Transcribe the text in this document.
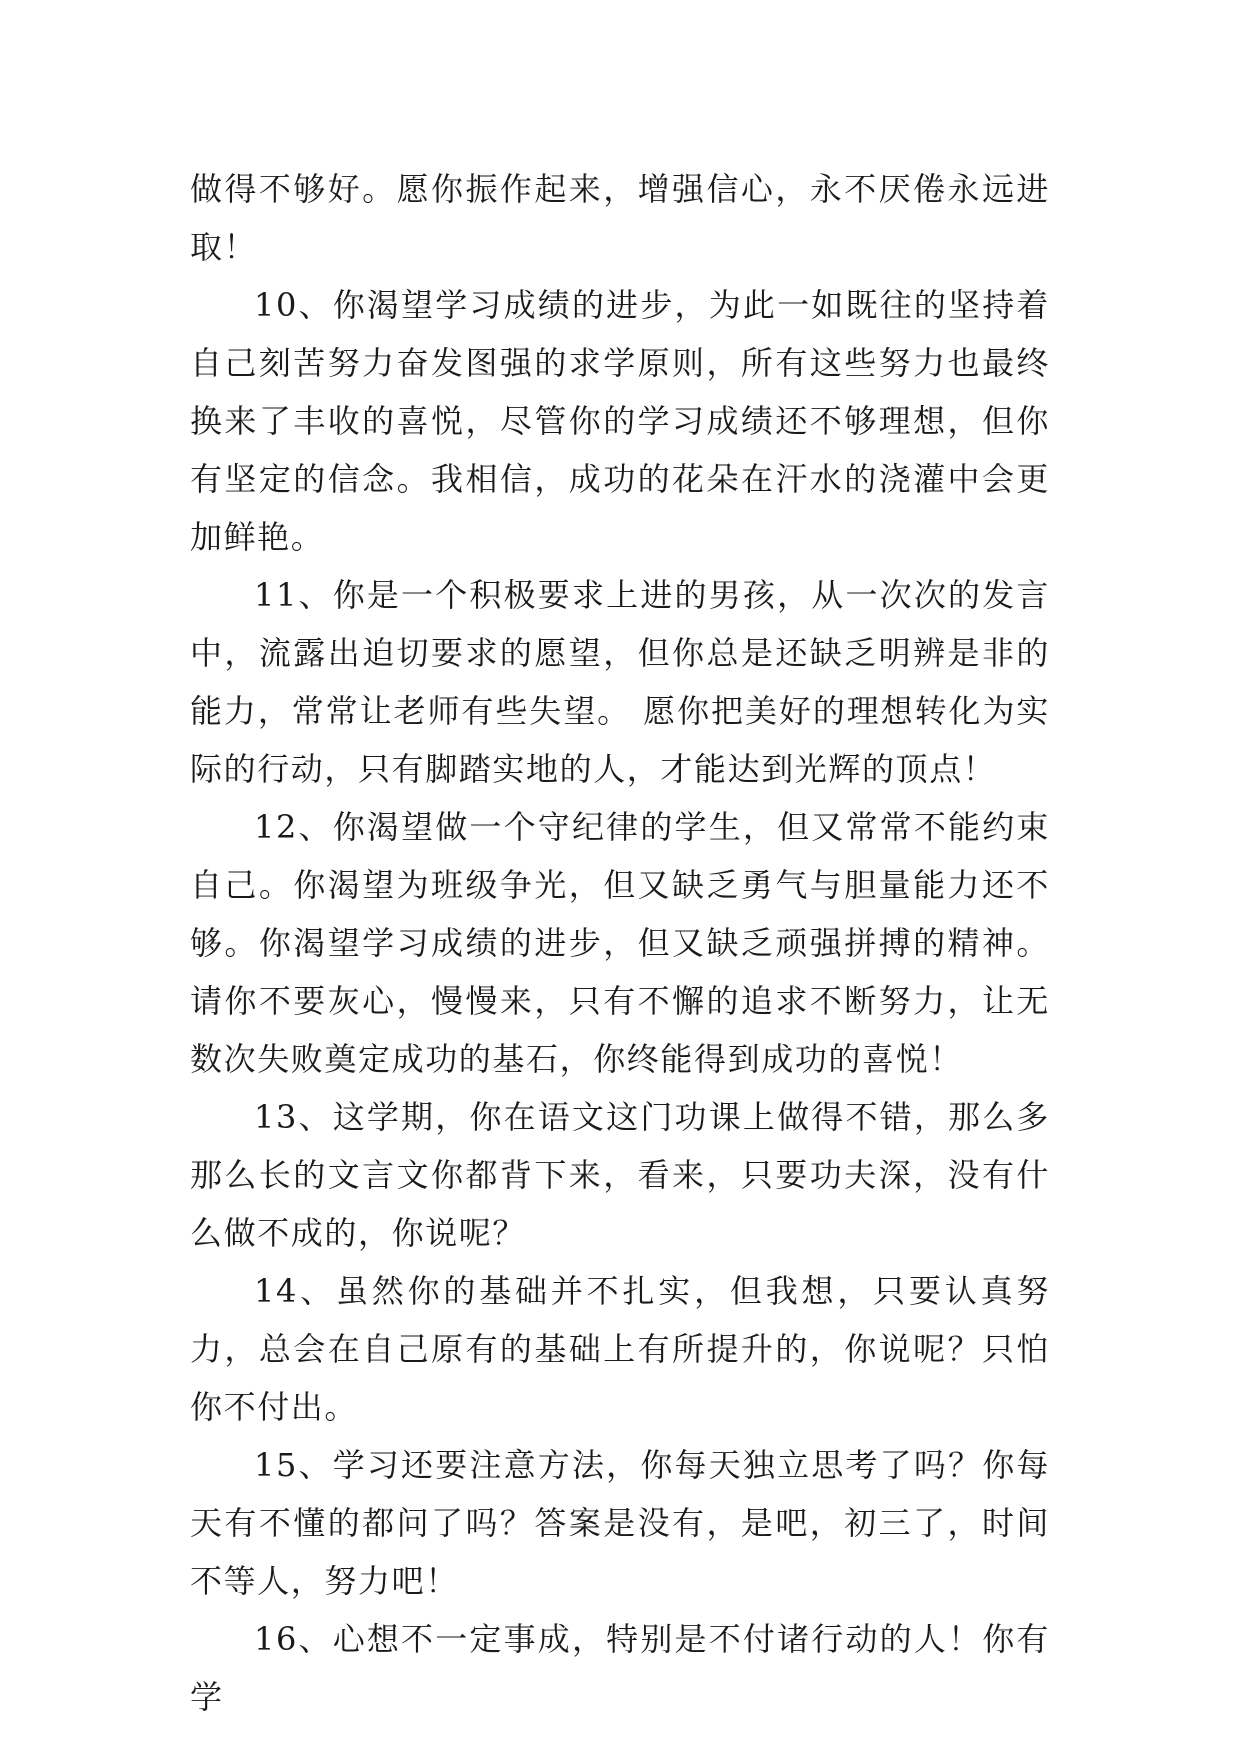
做得不够好。愿你振作起来，增强信心，永不厌倦永远进取！

10、你渴望学习成绩的进步，为此一如既往的坚持着自己刻苦努力奋发图强的求学原则，所有这些努力也最终换来了丰收的喜悦，尽管你的学习成绩还不够理想，但你有坚定的信念。我相信，成功的花朵在汗水的浇灌中会更加鲜艳。

11、你是一个积极要求上进的男孩，从一次次的发言中，流露出迫切要求的愿望，但你总是还缺乏明辨是非的能力，常常让老师有些失望。 愿你把美好的理想转化为实际的行动，只有脚踏实地的人，才能达到光辉的顶点！

12、你渴望做一个守纪律的学生，但又常常不能约束自己。你渴望为班级争光，但又缺乏勇气与胆量能力还不够。你渴望学习成绩的进步，但又缺乏顽强拼搏的精神。请你不要灰心，慢慢来，只有不懈的追求不断努力，让无数次失败奠定成功的基石，你终能得到成功的喜悦！

13、这学期，你在语文这门功课上做得不错，那么多那么长的文言文你都背下来，看来，只要功夫深，没有什么做不成的，你说呢？

14、虽然你的基础并不扎实，但我想，只要认真努力，总会在自己原有的基础上有所提升的，你说呢？只怕你不付出。

15、学习还要注意方法，你每天独立思考了吗？你每天有不懂的都问了吗？答案是没有，是吧，初三了，时间不等人，努力吧！

16、心想不一定事成，特别是不付诸行动的人！你有学
